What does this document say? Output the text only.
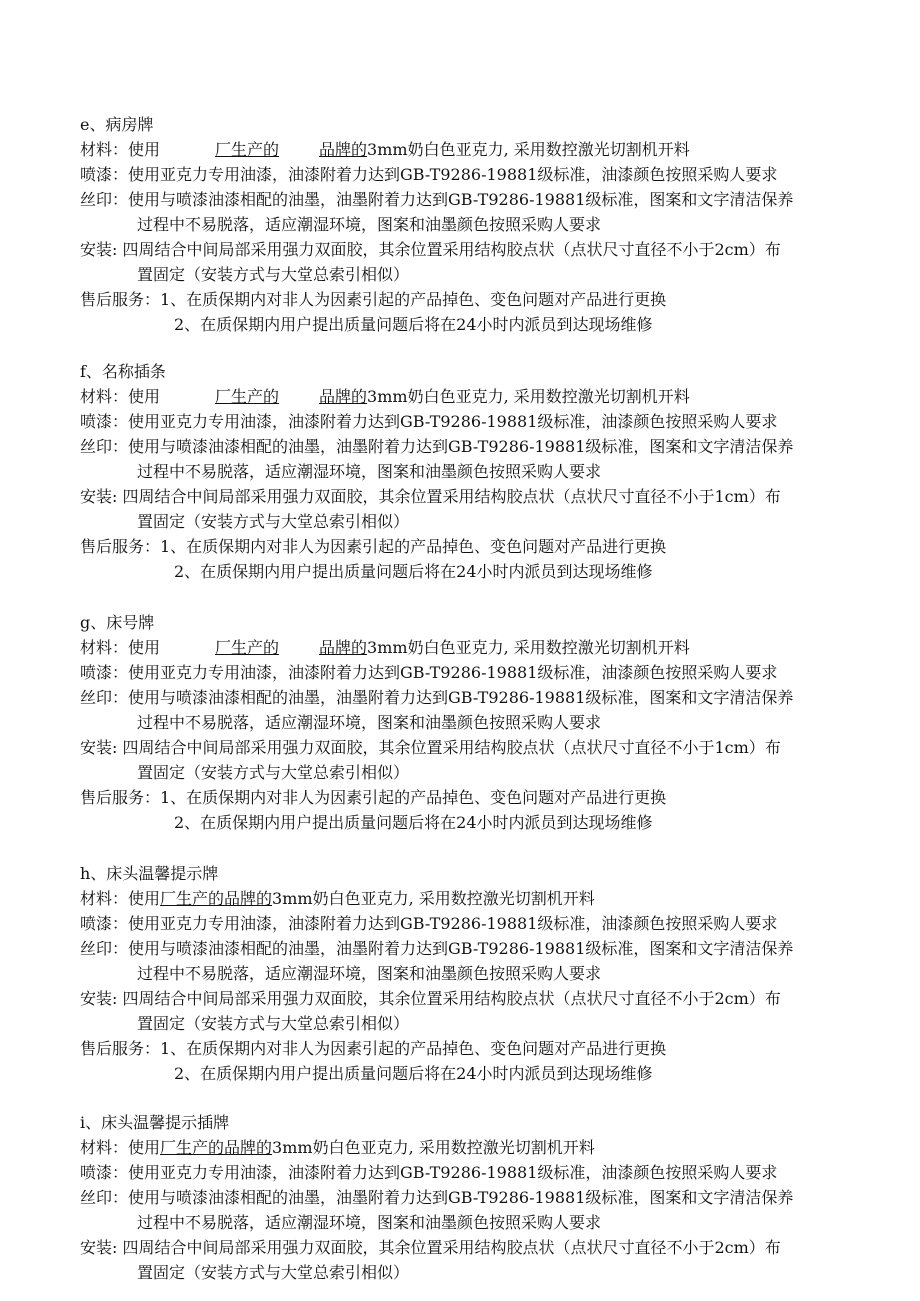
e、病房牌
材料：使用	厂生产的	品牌的3mm奶白色亚克力, 采用数控激光切割机开料
喷漆：使用亚克力专用油漆，油漆附着力达到GB-T9286-19881级标准，油漆颜色按照采购人要求
丝印：使用与喷漆油漆相配的油墨，油墨附着力达到GB-T9286-19881级标准，图案和文字清洁保养
过程中不易脱落，适应潮湿环境，图案和油墨颜色按照采购人要求
安装: 四周结合中间局部采用强力双面胶，其余位置采用结构胶点状（点状尺寸直径不小于2cm）布
置固定（安装方式与大堂总索引相似）
售后服务：1、在质保期内对非人为因素引起的产品掉色、变色问题对产品进行更换
2、在质保期内用户提出质量问题后将在24小时内派员到达现场维修
f、名称插条
材料：使用	厂生产的	品牌的3mm奶白色亚克力, 采用数控激光切割机开料
喷漆：使用亚克力专用油漆，油漆附着力达到GB-T9286-19881级标准，油漆颜色按照采购人要求
丝印：使用与喷漆油漆相配的油墨，油墨附着力达到GB-T9286-19881级标准，图案和文字清洁保养
过程中不易脱落，适应潮湿环境，图案和油墨颜色按照采购人要求
安装: 四周结合中间局部采用强力双面胶，其余位置采用结构胶点状（点状尺寸直径不小于1cm）布
置固定（安装方式与大堂总索引相似）
售后服务：1、在质保期内对非人为因素引起的产品掉色、变色问题对产品进行更换
2、在质保期内用户提出质量问题后将在24小时内派员到达现场维修
g、床号牌
材料：使用	厂生产的	品牌的3mm奶白色亚克力, 采用数控激光切割机开料
喷漆：使用亚克力专用油漆，油漆附着力达到GB-T9286-19881级标准，油漆颜色按照采购人要求
丝印：使用与喷漆油漆相配的油墨，油墨附着力达到GB-T9286-19881级标准，图案和文字清洁保养
过程中不易脱落，适应潮湿环境，图案和油墨颜色按照采购人要求
安装: 四周结合中间局部采用强力双面胶，其余位置采用结构胶点状（点状尺寸直径不小于1cm）布
置固定（安装方式与大堂总索引相似）
售后服务：1、在质保期内对非人为因素引起的产品掉色、变色问题对产品进行更换
2、在质保期内用户提出质量问题后将在24小时内派员到达现场维修
h、床头温馨提示牌
材料：使用厂生产的品牌的3mm奶白色亚克力, 采用数控激光切割机开料
喷漆：使用亚克力专用油漆，油漆附着力达到GB-T9286-19881级标准，油漆颜色按照采购人要求
丝印：使用与喷漆油漆相配的油墨，油墨附着力达到GB-T9286-19881级标准，图案和文字清洁保养
过程中不易脱落，适应潮湿环境，图案和油墨颜色按照采购人要求
安装: 四周结合中间局部采用强力双面胶，其余位置采用结构胶点状（点状尺寸直径不小于2cm）布
置固定（安装方式与大堂总索引相似）
售后服务：1、在质保期内对非人为因素引起的产品掉色、变色问题对产品进行更换
2、在质保期内用户提出质量问题后将在24小时内派员到达现场维修
i、床头温馨提示插牌
材料：使用厂生产的品牌的3mm奶白色亚克力, 采用数控激光切割机开料
喷漆：使用亚克力专用油漆，油漆附着力达到GB-T9286-19881级标准，油漆颜色按照采购人要求
丝印：使用与喷漆油漆相配的油墨，油墨附着力达到GB-T9286-19881级标准，图案和文字清洁保养
过程中不易脱落，适应潮湿环境，图案和油墨颜色按照采购人要求
安装: 四周结合中间局部采用强力双面胶，其余位置采用结构胶点状（点状尺寸直径不小于2cm）布
置固定（安装方式与大堂总索引相似）
